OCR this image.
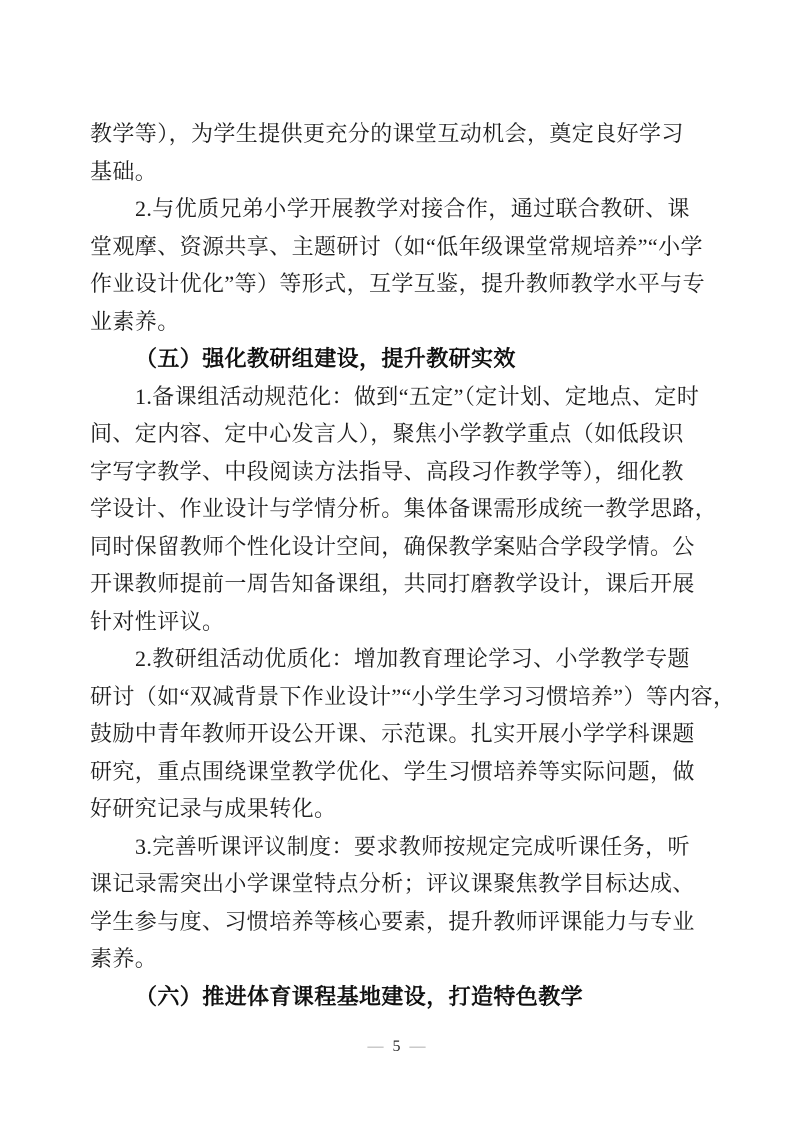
教学等），为学生提供更充分的课堂互动机会，奠定良好学习
基础。
2.与优质兄弟小学开展教学对接合作，通过联合教研、课
堂观摩、资源共享、主题研讨（如“低年级课堂常规培养”“小学
作业设计优化”等）等形式，互学互鉴，提升教师教学水平与专
业素养。
（五）强化教研组建设，提升教研实效
1.备课组活动规范化：做到“五定”（定计划、定地点、定时
间、定内容、定中心发言人），聚焦小学教学重点（如低段识
字写字教学、中段阅读方法指导、高段习作教学等），细化教
学设计、作业设计与学情分析。集体备课需形成统一教学思路，
同时保留教师个性化设计空间，确保教学案贴合学段学情。公
开课教师提前一周告知备课组，共同打磨教学设计，课后开展
针对性评议。
2.教研组活动优质化：增加教育理论学习、小学教学专题
研讨（如“双减背景下作业设计”“小学生学习习惯培养”）等内容，
鼓励中青年教师开设公开课、示范课。扎实开展小学学科课题
研究，重点围绕课堂教学优化、学生习惯培养等实际问题，做
好研究记录与成果转化。
3.完善听课评议制度：要求教师按规定完成听课任务，听
课记录需突出小学课堂特点分析；评议课聚焦教学目标达成、
学生参与度、习惯培养等核心要素，提升教师评课能力与专业
素养。
（六）推进体育课程基地建设，打造特色教学
— 5 —
